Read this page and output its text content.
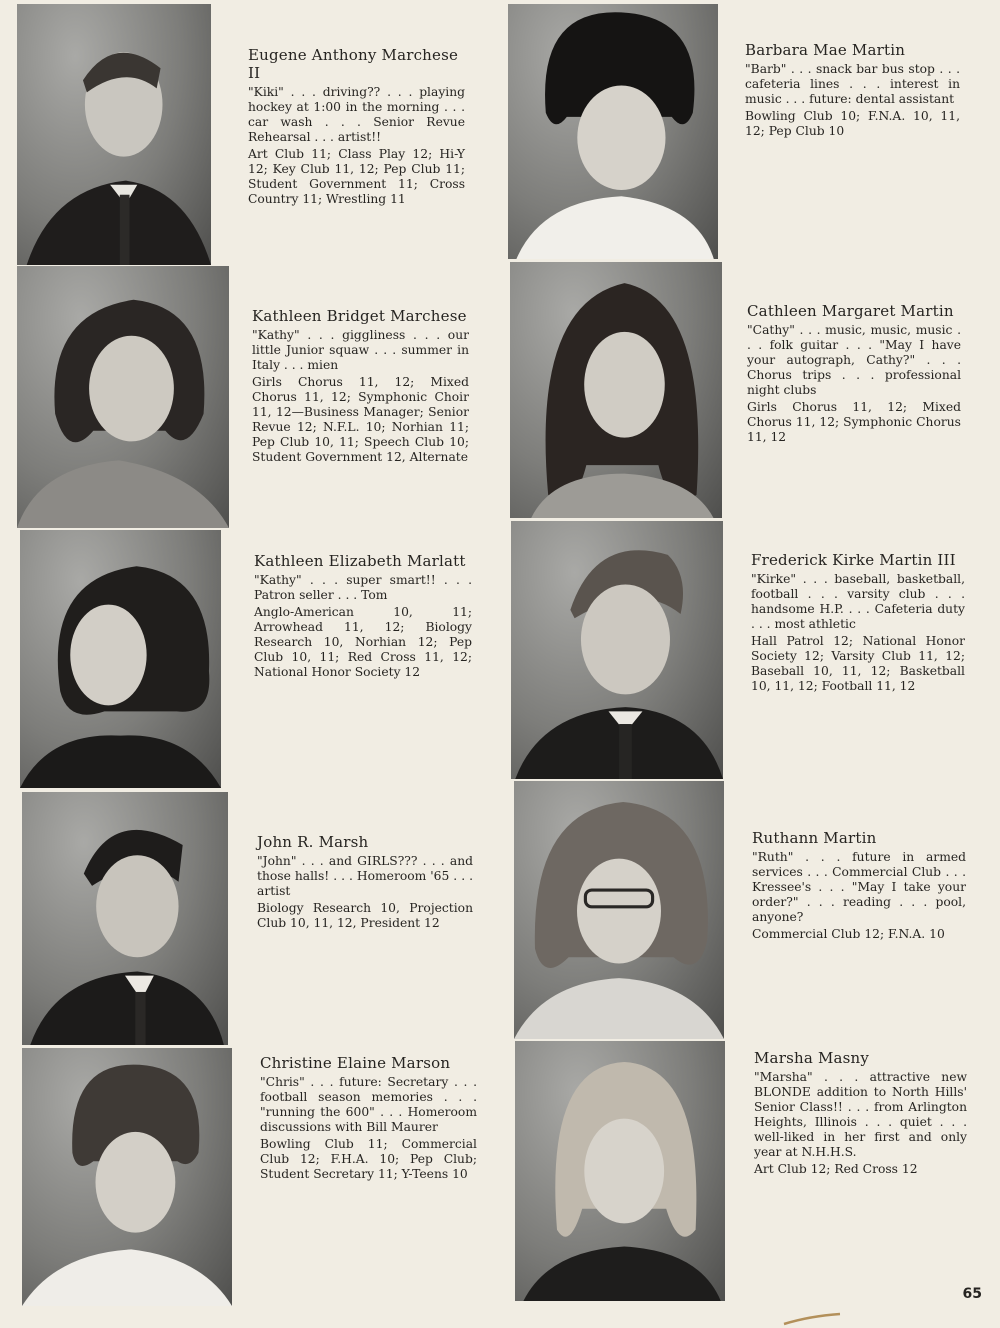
Eugene Anthony Marchese II

"Kiki" . . . driving?? . . . playing hockey at 1:00 in the morning . . . car wash . . . Senior Revue Rehearsal . . . artist!!

Art Club 11; Class Play 12; Hi-Y 12; Key Club 11, 12; Pep Club 11; Student Government 11; Cross Country 11; Wrestling 11

Kathleen Bridget Marchese

"Kathy" . . . giggliness . . . our little Junior squaw . . . summer in Italy . . . mien

Girls Chorus 11, 12; Mixed Chorus 11, 12; Symphonic Choir 11, 12—Business Manager; Senior Revue 12; N.F.L. 10; Norhian 11; Pep Club 10, 11; Speech Club 10; Student Government 12, Alternate

Kathleen Elizabeth Marlatt

"Kathy" . . . super smart!! . . . Patron seller . . . Tom

Anglo-American 10, 11; Arrowhead 11, 12; Biology Research 10, Norhian 12; Pep Club 10, 11; Red Cross 11, 12; National Honor Society 12

John R. Marsh

"John" . . . and GIRLS??? . . . and those halls! . . . Homeroom '65 . . . artist

Biology Research 10, Projection Club 10, 11, 12, President 12

Christine Elaine Marson

"Chris" . . . future: Secretary . . . football season memories . . . "running the 600" . . . Homeroom discussions with Bill Maurer

Bowling Club 11; Commercial Club 12; F.H.A. 10; Pep Club; Student Secretary 11; Y-Teens 10

Barbara Mae Martin

"Barb" . . . snack bar bus stop . . . cafeteria lines . . . interest in music . . . future: dental assistant

Bowling Club 10; F.N.A. 10, 11, 12; Pep Club 10

Cathleen Margaret Martin

"Cathy" . . . music, music, music . . . folk guitar . . . "May I have your autograph, Cathy?" . . . Chorus trips . . . professional night clubs

Girls Chorus 11, 12; Mixed Chorus 11, 12; Symphonic Chorus 11, 12

Frederick Kirke Martin III

"Kirke" . . . baseball, basketball, football . . . varsity club . . . handsome H.P. . . . Cafeteria duty . . . most athletic

Hall Patrol 12; National Honor Society 12; Varsity Club 11, 12; Baseball 10, 11, 12; Basketball 10, 11, 12; Football 11, 12

Ruthann Martin

"Ruth" . . . future in armed services . . . Commercial Club . . . Kressee's . . . "May I take your order?" . . . reading . . . pool, anyone?

Commercial Club 12; F.N.A. 10

Marsha Masny

"Marsha" . . . attractive new BLONDE addition to North Hills' Senior Class!! . . . from Arlington Heights, Illinois . . . quiet . . . well-liked in her first and only year at N.H.H.S.

Art Club 12; Red Cross 12

65
